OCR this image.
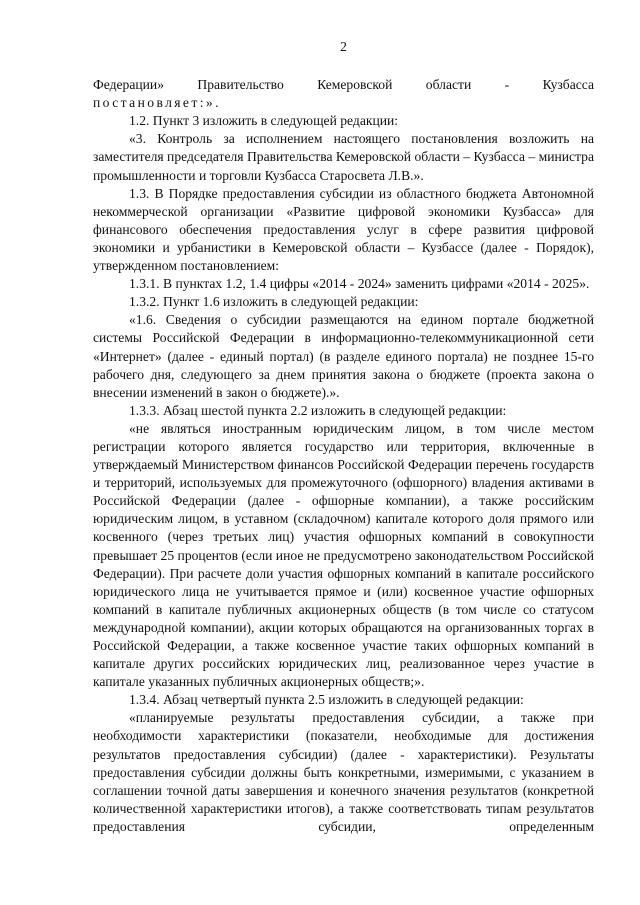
2

Федерации» Правительство Кемеровской области - Кузбасса

постановляет:».

1.2. Пункт 3 изложить в следующей редакции:

«3. Контроль за исполнением настоящего постановления возложить на заместителя председателя Правительства Кемеровской области – Кузбасса – министра промышленности и торговли Кузбасса Старосвета Л.В.».

1.3. В Порядке предоставления субсидии из областного бюджета Автономной некоммерческой организации «Развитие цифровой экономики Кузбасса» для финансового обеспечения предоставления услуг в сфере развития цифровой экономики и урбанистики в Кемеровской области – Кузбассе (далее - Порядок), утвержденном постановлением:

1.3.1. В пунктах 1.2, 1.4 цифры «2014 - 2024» заменить цифрами «2014 - 2025».

1.3.2. Пункт 1.6 изложить в следующей редакции:

«1.6. Сведения о субсидии размещаются на едином портале бюджетной системы Российской Федерации в информационно-телекоммуникационной сети «Интернет» (далее - единый портал) (в разделе единого портала) не позднее 15-го рабочего дня, следующего за днем принятия закона о бюджете (проекта закона о внесении изменений в закон о бюджете).».

1.3.3. Абзац шестой пункта 2.2 изложить в следующей редакции:

«не являться иностранным юридическим лицом, в том числе местом регистрации которого является государство или территория, включенные в утверждаемый Министерством финансов Российской Федерации перечень государств и территорий, используемых для промежуточного (офшорного) владения активами в Российской Федерации (далее - офшорные компании), а также российским юридическим лицом, в уставном (складочном) капитале которого доля прямого или косвенного (через третьих лиц) участия офшорных компаний в совокупности превышает 25 процентов (если иное не предусмотрено законодательством Российской Федерации). При расчете доли участия офшорных компаний в капитале российского юридического лица не учитывается прямое и (или) косвенное участие офшорных компаний в капитале публичных акционерных обществ (в том числе со статусом международной компании), акции которых обращаются на организованных торгах в Российской Федерации, а также косвенное участие таких офшорных компаний в капитале других российских юридических лиц, реализованное через участие в капитале указанных публичных акционерных обществ;».

1.3.4. Абзац четвертый пункта 2.5 изложить в следующей редакции:

«планируемые результаты предоставления субсидии, а также при необходимости характеристики (показатели, необходимые для достижения результатов предоставления субсидии) (далее - характеристики). Результаты предоставления субсидии должны быть конкретными, измеримыми, с указанием в соглашении точной даты завершения и конечного значения результатов (конкретной количественной характеристики итогов), а также соответствовать типам результатов предоставления субсидии, определенным
